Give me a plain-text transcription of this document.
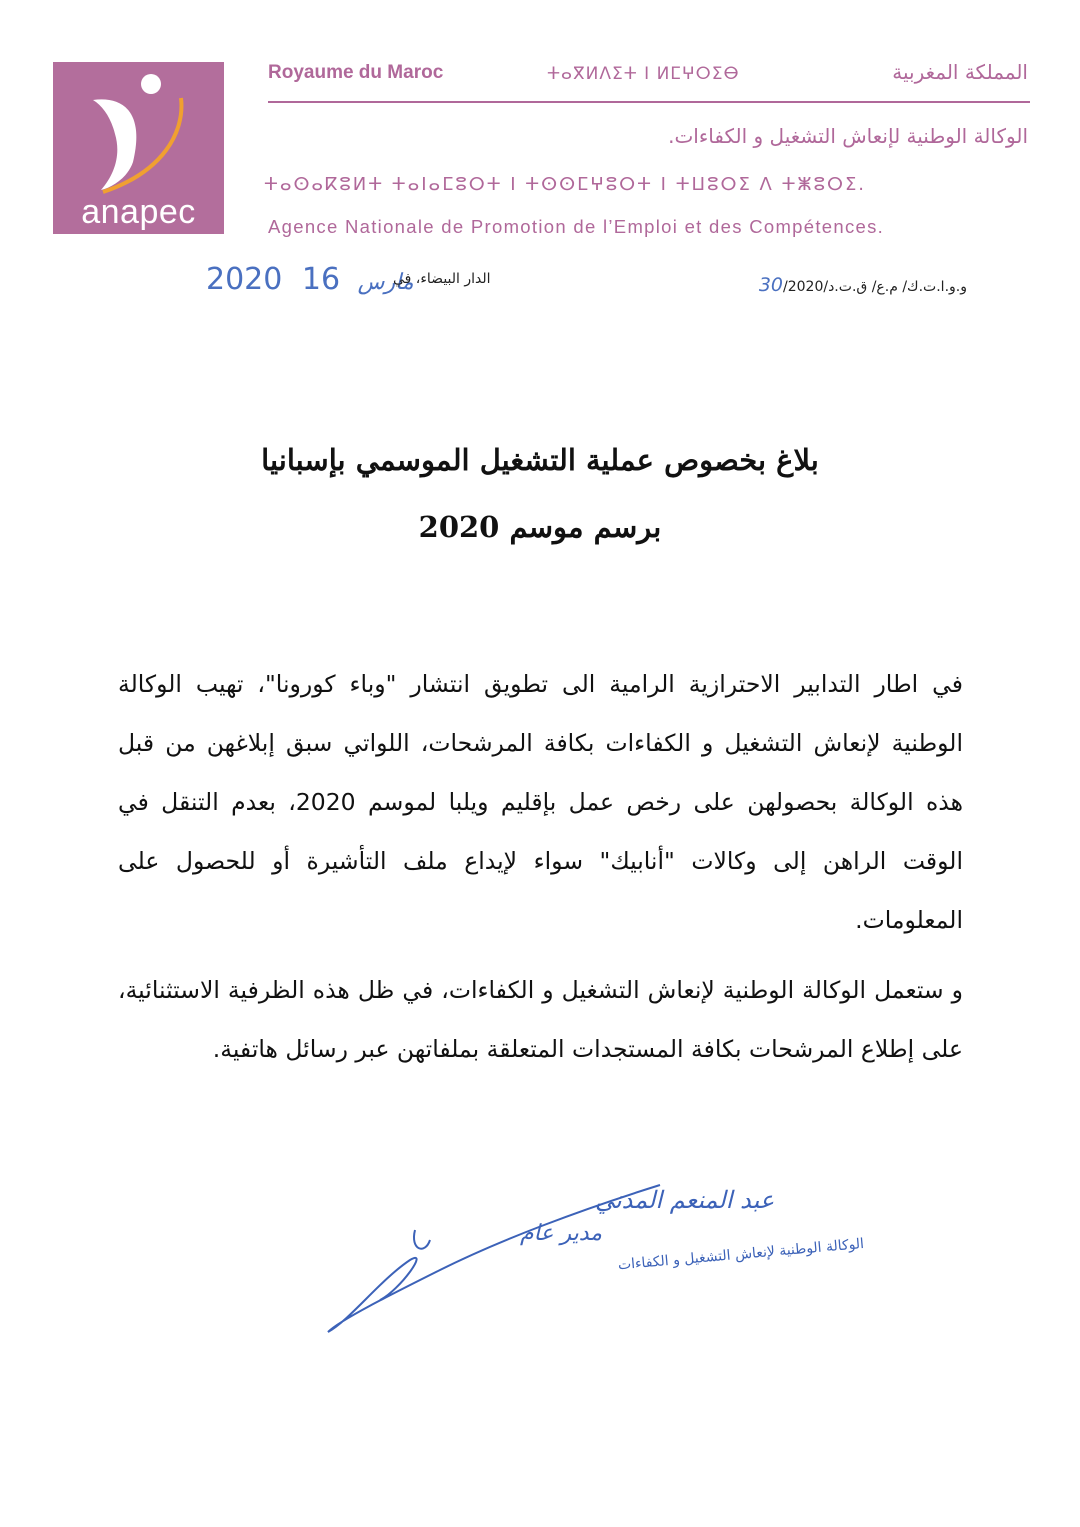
anapec
Royaume du Maroc	ⵜⴰⴳⵍⴷⵉⵜ ⵏ ⵍⵎⵖⵔⵉⴱ	المملكة المغربية
الوكالة الوطنية لإنعاش التشغيل و الكفاءات.
ⵜⴰⵙⴰⴽⵓⵍⵜ ⵜⴰⵏⴰⵎⵓⵔⵜ ⵏ ⵜⵙⵙⵎⵖⵓⵔⵜ ⵏ ⵜⵡⵓⵔⵉ ⴷ ⵜⵥⵓⵔⵉ.
Agence Nationale de Promotion de l’Emploi et des Compétences.
2020	مارس 16	الدار البيضاء، في	و.و.ا.ت.ك/ م.ع/ ق.ت.د/30/2020
بلاغ بخصوص عملية التشغيل الموسمي بإسبانيا
برسم موسم 2020
في اطار التدابير الاحترازية الرامية الى تطويق انتشار "وباء كورونا"، تهيب الوكالة الوطنية لإنعاش التشغيل و الكفاءات بكافة المرشحات، اللواتي سبق إبلاغهن من قبل هذه الوكالة بحصولهن على رخص عمل بإقليم ويلبا لموسم 2020، بعدم التنقل في الوقت الراهن إلى وكالات "أنابيك" سواء لإيداع ملف التأشيرة أو للحصول على المعلومات.
و ستعمل الوكالة الوطنية لإنعاش التشغيل و الكفاءات، في ظل هذه الظرفية الاستثنائية، على إطلاع المرشحات بكافة المستجدات المتعلقة بملفاتهن عبر رسائل هاتفية.
عبد المنعم المدني
مدير عام
الوكالة الوطنية لإنعاش التشغيل و الكفاءات
